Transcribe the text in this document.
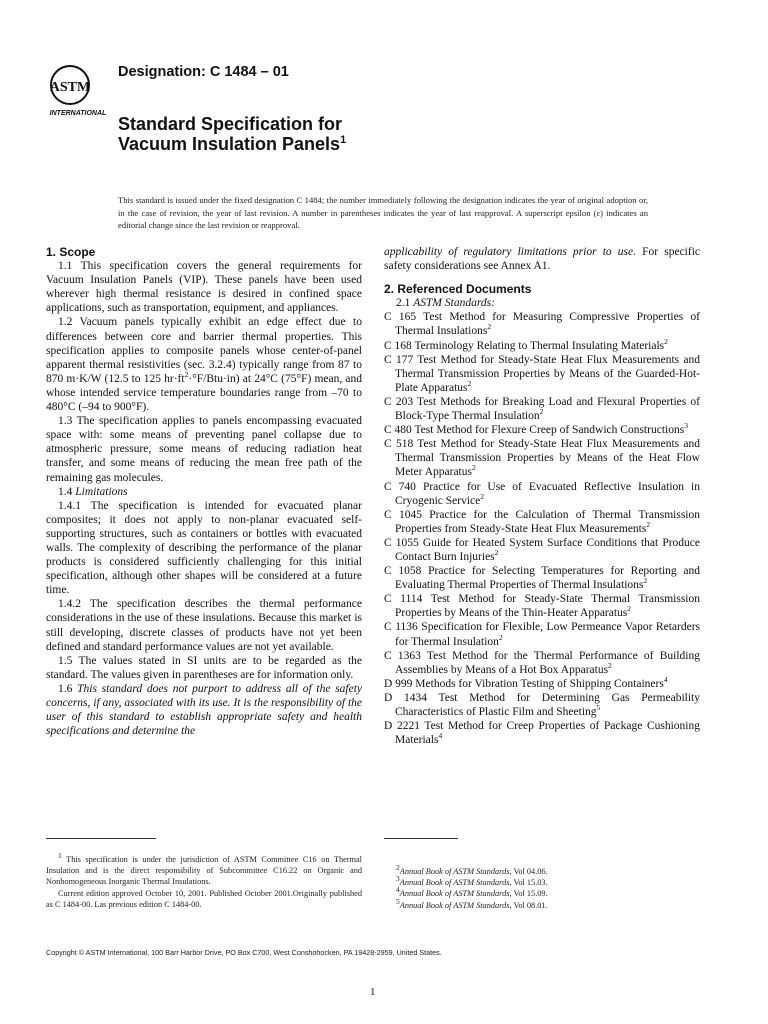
ASTM
INTERNATIONAL
Designation: C 1484 – 01
Standard Specification for
Vacuum Insulation Panels$^1$
This standard is issued under the fixed designation C 1484; the number immediately following the designation indicates the year of original adoption or, in the case of revision, the year of last revision. A number in parentheses indicates the year of last reapproval. A superscript epsilon (ε) indicates an editorial change since the last revision or reapproval.

1. Scope

1.1 This specification covers the general requirements for Vacuum Insulation Panels (VIP). These panels have been used wherever high thermal resistance is desired in confined space applications, such as transportation, equipment, and appliances.

1.2 Vacuum panels typically exhibit an edge effect due to differences between core and barrier thermal properties. This specification applies to composite panels whose center-of-panel apparent thermal resistivities (sec. 3.2.4) typically range from 87 to 870 m·K/W (12.5 to 125 $hr\cdot ft^2\cdot^\circ F/Btu\cdot in$) at 24°C (75°F) mean, and whose intended service temperature boundaries range from –70 to 480°C (–94 to 900°F).

1.3 The specification applies to panels encompassing evacuated space with: some means of preventing panel collapse due to atmospheric pressure, some means of reducing radiation heat transfer, and some means of reducing the mean free path of the remaining gas molecules.

1.4 Limitations

1.4.1 The specification is intended for evacuated planar composites; it does not apply to non-planar evacuated self-supporting structures, such as containers or bottles with evacuated walls. The complexity of describing the performance of the planar products is considered sufficiently challenging for this initial specification, although other shapes will be considered at a future time.

1.4.2 The specification describes the thermal performance considerations in the use of these insulations. Because this market is still developing, discrete classes of products have not yet been defined and standard performance values are not yet available.

1.5 The values stated in SI units are to be regarded as the standard. The values given in parentheses are for information only.

1.6 This standard does not purport to address all of the safety concerns, if any, associated with its use. It is the responsibility of the user of this standard to establish appropriate safety and health specifications and determine the

applicability of regulatory limitations prior to use. For specific safety considerations see Annex A1.

2. Referenced Documents

2.1 ASTM Standards:

C 165 Test Method for Measuring Compressive Properties of Thermal Insulations$^2$

C 168 Terminology Relating to Thermal Insulating Materials$^2$

C 177 Test Method for Steady-State Heat Flux Measurements and Thermal Transmission Properties by Means of the Guarded-Hot-Plate Apparatus$^2$

C 203 Test Methods for Breaking Load and Flexural Properties of Block-Type Thermal Insulation$^2$

C 480 Test Method for Flexure Creep of Sandwich Constructions$^3$

C 518 Test Method for Steady-State Heat Flux Measurements and Thermal Transmission Properties by Means of the Heat Flow Meter Apparatus$^2$

C 740 Practice for Use of Evacuated Reflective Insulation in Cryogenic Service$^2$

C 1045 Practice for the Calculation of Thermal Transmission Properties from Steady-State Heat Flux Measurements$^2$

C 1055 Guide for Heated System Surface Conditions that Produce Contact Burn Injuries$^2$

C 1058 Practice for Selecting Temperatures for Reporting and Evaluating Thermal Properties of Thermal Insulations$^2$

C 1114 Test Method for Steady-State Thermal Transmission Properties by Means of the Thin-Heater Apparatus$^2$

C 1136 Specification for Flexible, Low Permeance Vapor Retarders for Thermal Insulation$^2$

C 1363 Test Method for the Thermal Performance of Building Assemblies by Means of a Hot Box Apparatus$^2$

D 999 Methods for Vibration Testing of Shipping Containers$^4$

D 1434 Test Method for Determining Gas Permeability Characteristics of Plastic Film and Sheeting$^5$

D 2221 Test Method for Creep Properties of Package Cushioning Materials$^4$

$^1$ This specification is under the jurisdiction of ASTM Committee C16 on Thermal Insulation and is the direct responsibility of Subcommittee C16.22 on Organic and Nonhomogeneous Inorganic Thermal Insulations.

Current edition approved October 10, 2001. Published October 2001.Originally published as C 1484-00. Las previous edition C 1484-00.

$^2$Annual Book of ASTM Standards, Vol 04.06.

$^3$Annual Book of ASTM Standards, Vol 15.03.

$^4$Annual Book of ASTM Standards, Vol 15.09.

$^5$Annual Book of ASTM Standards, Vol 08.01.

Copyright © ASTM International, 100 Barr Harbor Drive, PO Box C700, West Conshohocken, PA 19428-2959, United States.
1
